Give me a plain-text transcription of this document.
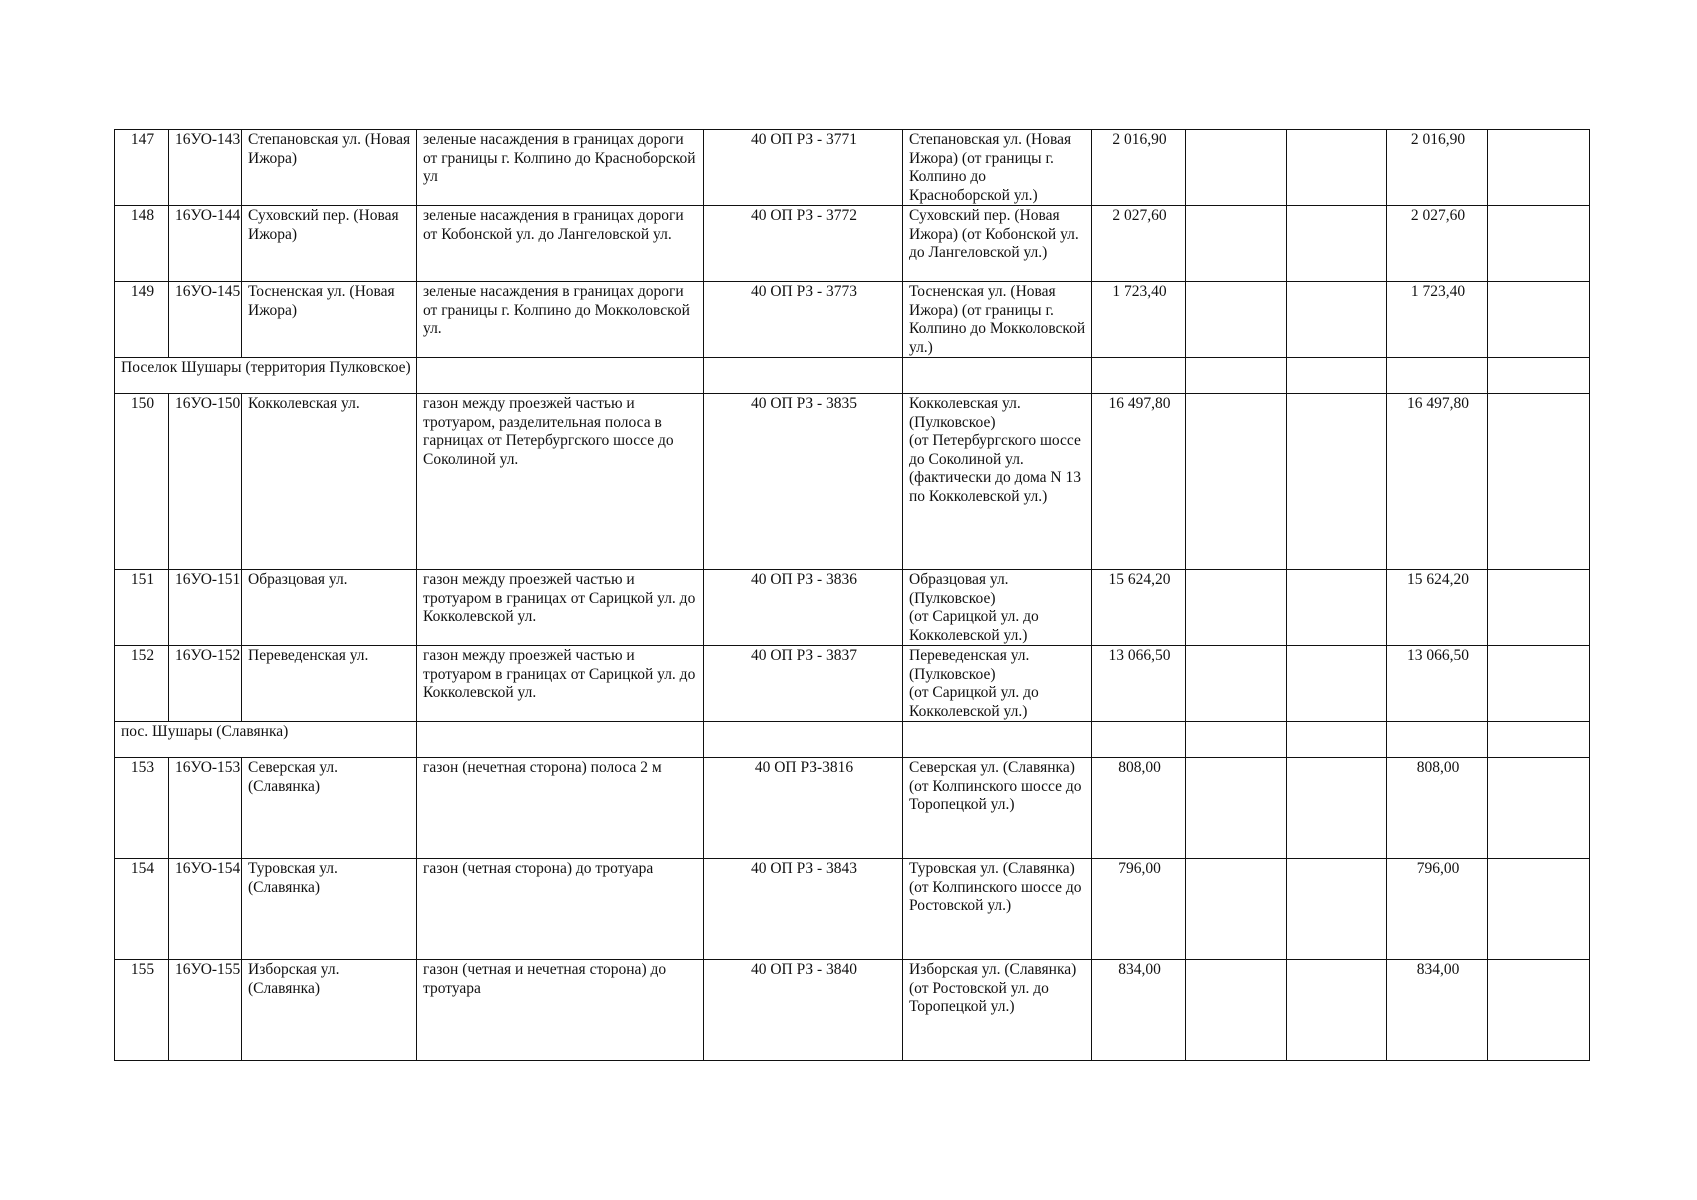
147	16УО-143	Степановская ул. (Новая Ижора)	зеленые насаждения в границах дороги от границы г. Колпино до Красноборской ул	40 ОП РЗ - 3771	Степановская ул. (Новая Ижора) (от границы г. Колпино до Красноборской ул.)	2 016,90			2 016,90	
148	16УО-144	Суховский пер. (Новая Ижора)	зеленые насаждения в границах дороги от Кобонской ул. до Лангеловской ул.	40 ОП РЗ - 3772	Суховский пер. (Новая Ижора) (от Кобонской ул. до Лангеловской ул.)	2 027,60			2 027,60	
149	16УО-145	Тосненская ул. (Новая Ижора)	зеленые насаждения в границах дороги от границы г. Колпино до Мокколовской ул.	40 ОП РЗ - 3773	Тосненская ул. (Новая Ижора) (от границы г. Колпино до Мокколовской ул.)	1 723,40			1 723,40	
Поселок Шушары (территория Пулковское)										
150	16УО-150	Кокколевская ул.	газон между проезжей частью и тротуаром, разделительная полоса в гарницах от Петербургского шоссе до Соколиной ул.	40 ОП РЗ - 3835	Кокколевская ул. (Пулковское)
(от Петербургского шоссе до Соколиной ул.
(фактически до дома N 13 по Кокколевской ул.)	16 497,80			16 497,80	
151	16УО-151	Образцовая ул.	газон между проезжей частью и тротуаром в границах от Сарицкой ул. до Кокколевской ул.	40 ОП РЗ - 3836	Образцовая ул. (Пулковское)
(от Сарицкой ул. до Кокколевской ул.)	15 624,20			15 624,20	
152	16УО-152	Переведенская ул.	газон между проезжей частью и тротуаром в границах от Сарицкой ул. до Кокколевской ул.	40 ОП РЗ - 3837	Переведенская ул. (Пулковское)
(от Сарицкой ул. до Кокколевской ул.)	13 066,50			13 066,50	
пос. Шушары (Славянка)										
153	16УО-153	Северская ул. (Славянка)	газон (нечетная сторона) полоса 2 м	40 ОП РЗ-3816	Северская ул. (Славянка) (от Колпинского шоссе до Торопецкой ул.)	808,00			808,00	
154	16УО-154	Туровская ул. (Славянка)	газон (четная сторона) до тротуара	40 ОП РЗ - 3843	Туровская ул. (Славянка)
(от Колпинского шоссе до Ростовской ул.)	796,00			796,00	
155	16УО-155	Изборская ул. (Славянка)	газон (четная и нечетная сторона) до тротуара	40 ОП РЗ - 3840	Изборская ул. (Славянка)
(от Ростовской ул. до Торопецкой ул.)	834,00			834,00	
